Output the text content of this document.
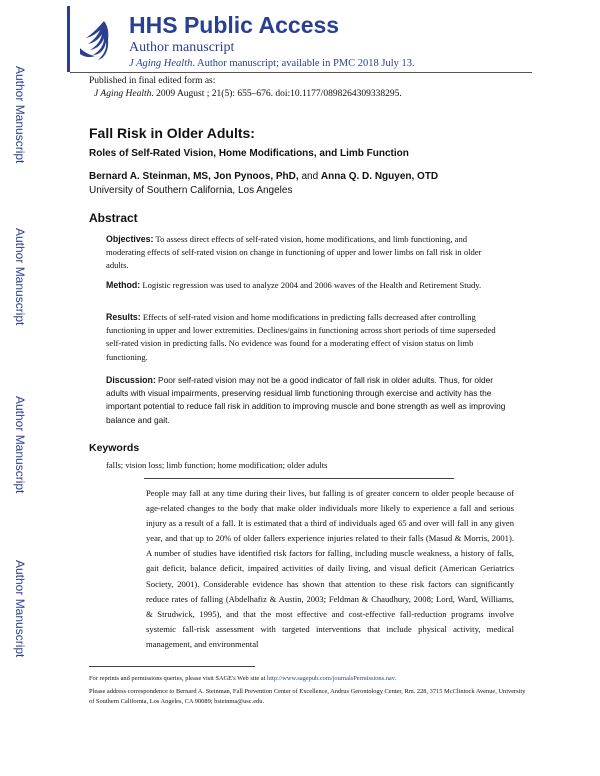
Author Manuscript
Author Manuscript
Author Manuscript
Author Manuscript
HHS Public Access
Author manuscript
J Aging Health. Author manuscript; available in PMC 2018 July 13.
Published in final edited form as:
J Aging Health. 2009 August ; 21(5): 655–676. doi:10.1177/0898264309338295.
Fall Risk in Older Adults:
Roles of Self-Rated Vision, Home Modifications, and Limb Function
Bernard A. Steinman, MS, Jon Pynoos, PhD, and Anna Q. D. Nguyen, OTD
University of Southern California, Los Angeles
Abstract
Objectives: To assess direct effects of self-rated vision, home modifications, and limb functioning, and moderating effects of self-rated vision on change in functioning of upper and lower limbs on fall risk in older adults.
Method: Logistic regression was used to analyze 2004 and 2006 waves of the Health and Retirement Study.
Results: Effects of self-rated vision and home modifications in predicting falls decreased after controlling functioning in upper and lower extremities. Declines/gains in functioning across short periods of time superseded self-rated vision in predicting falls. No evidence was found for a moderating effect of vision status on limb functioning.
Discussion: Poor self-rated vision may not be a good indicator of fall risk in older adults. Thus, for older adults with visual impairments, preserving residual limb functioning through exercise and activity has the important potential to reduce fall risk in addition to improving muscle and bone strength as well as improving balance and gait.
Keywords
falls; vision loss; limb function; home modification; older adults
People may fall at any time during their lives, but falling is of greater concern to older people because of age-related changes to the body that make older individuals more likely to experience a fall and serious injury as a result of a fall. It is estimated that a third of individuals aged 65 and over will fall in any given year, and that up to 20% of older fallers experience injuries related to their falls (Masud & Morris, 2001). A number of studies have identified risk factors for falling, including muscle weakness, a history of falls, gait deficit, balance deficit, impaired activities of daily living, and visual deficit (American Geriatrics Society, 2001). Considerable evidence has shown that attention to these risk factors can significantly reduce rates of falling (Abdelhafiz & Austin, 2003; Feldman & Chaudhury, 2008; Lord, Ward, Williams, & Strudwick, 1995), and that the most effective and cost-effective fall-reduction programs involve systemic fall-risk assessment with targeted interventions that include physical activity, medical management, and environmental
For reprints and permissions queries, please visit SAGE's Web site at http://www.sagepub.com/journalsPermissions.nav.
Please address correspondence to Bernard A. Steinman, Fall Prevention Center of Excellence, Andrus Gerontology Center, Rm. 228, 3715 McClintock Avenue, University of Southern California, Los Angeles, CA 90089; bsteinma@usc.edu.
